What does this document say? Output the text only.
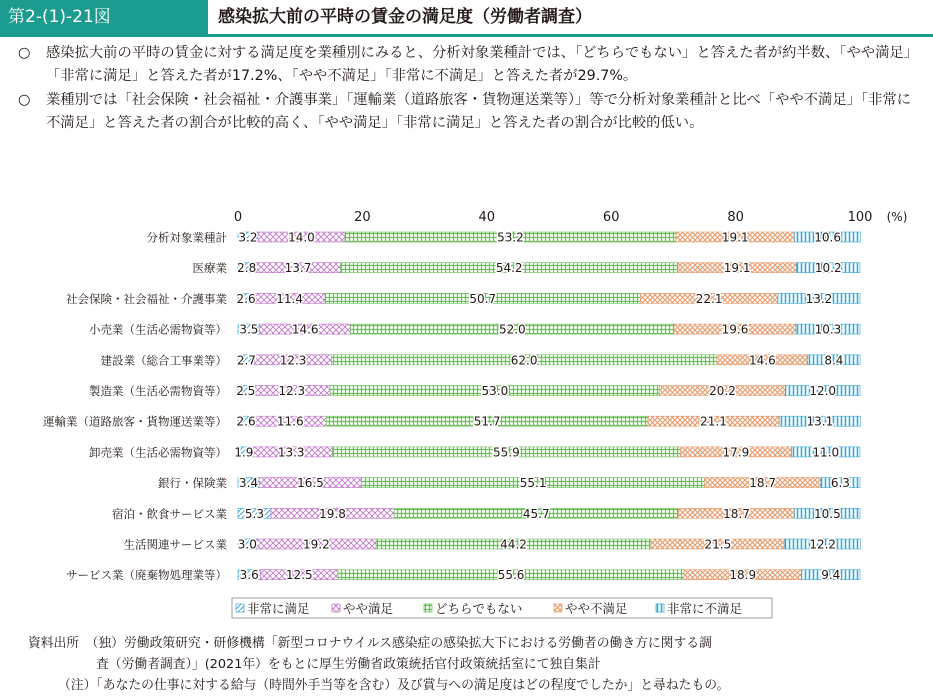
第2-(1)-21図	感染拡大前の平時の賃金の満足度（労働者調査）

○ 感染拡大前の平時の賃金に対する満足度を業種別にみると、分析対象業種計では、「どちらでもない」と答えた者が約半数、「やや満足」「非常に満足」と答えた者が17.2%、「やや不満足」「非常に不満足」と答えた者が29.7%。

○ 業種別では「社会保険・社会福祉・介護事業」「運輸業（道路旅客・貨物運送業等）」等で分析対象業種計と比べ「やや不満足」「非常に不満足」と答えた者の割合が比較的高く、「やや満足」「非常に満足」と答えた者の割合が比較的低い。

0	20	40	60	80	100 (%)
分析対象業種計
医療業
社会保険・社会福祉・介護事業
小売業（生活必需物資等）
建設業（総合工事業等）
製造業（生活必需物資等）
運輸業（道路旅客・貨物運送業等）
卸売業（生活必需物資等）
銀行・保険業
宿泊・飲食サービス業
生活関連サービス業
サービス業（廃棄物処理業等）
3.2	14.0	53.2	19.1	10.6
2.8 13.7	54.2	19.1	10.2
2.6 11.4	50.7	22.1	13.2
3.5	14.6	52.0	19.6	10.3
2.7 12.3	62.0	14.6	8.4
2.5 12.3	53.0	20.2	12.0
2.6 11.6	51.7	21.1	13.1
1.9 13.3	55.9	17.9	11.0
3.4	16.5	55.1	18.7	6.3
5.3	19.8	45.7	18.7	10.5
3.0	19.2	44.2	21.5	12.2
3.6 12.5	55.6	18.9	9.4
非常に満足	やや満足	どちらでもない	やや不満足	非常に不満足

資料出所　（独）労働政策研究・研修機構「新型コロナウイルス感染症の感染拡大下における労働者の働き方に関する調

査（労働者調査）」(2021年）をもとに厚生労働省政策統括官付政策統括室にて独自集計

（注）「あなたの仕事に対する給与（時間外手当等を含む）及び賞与への満足度はどの程度でしたか」と尋ねたもの。
